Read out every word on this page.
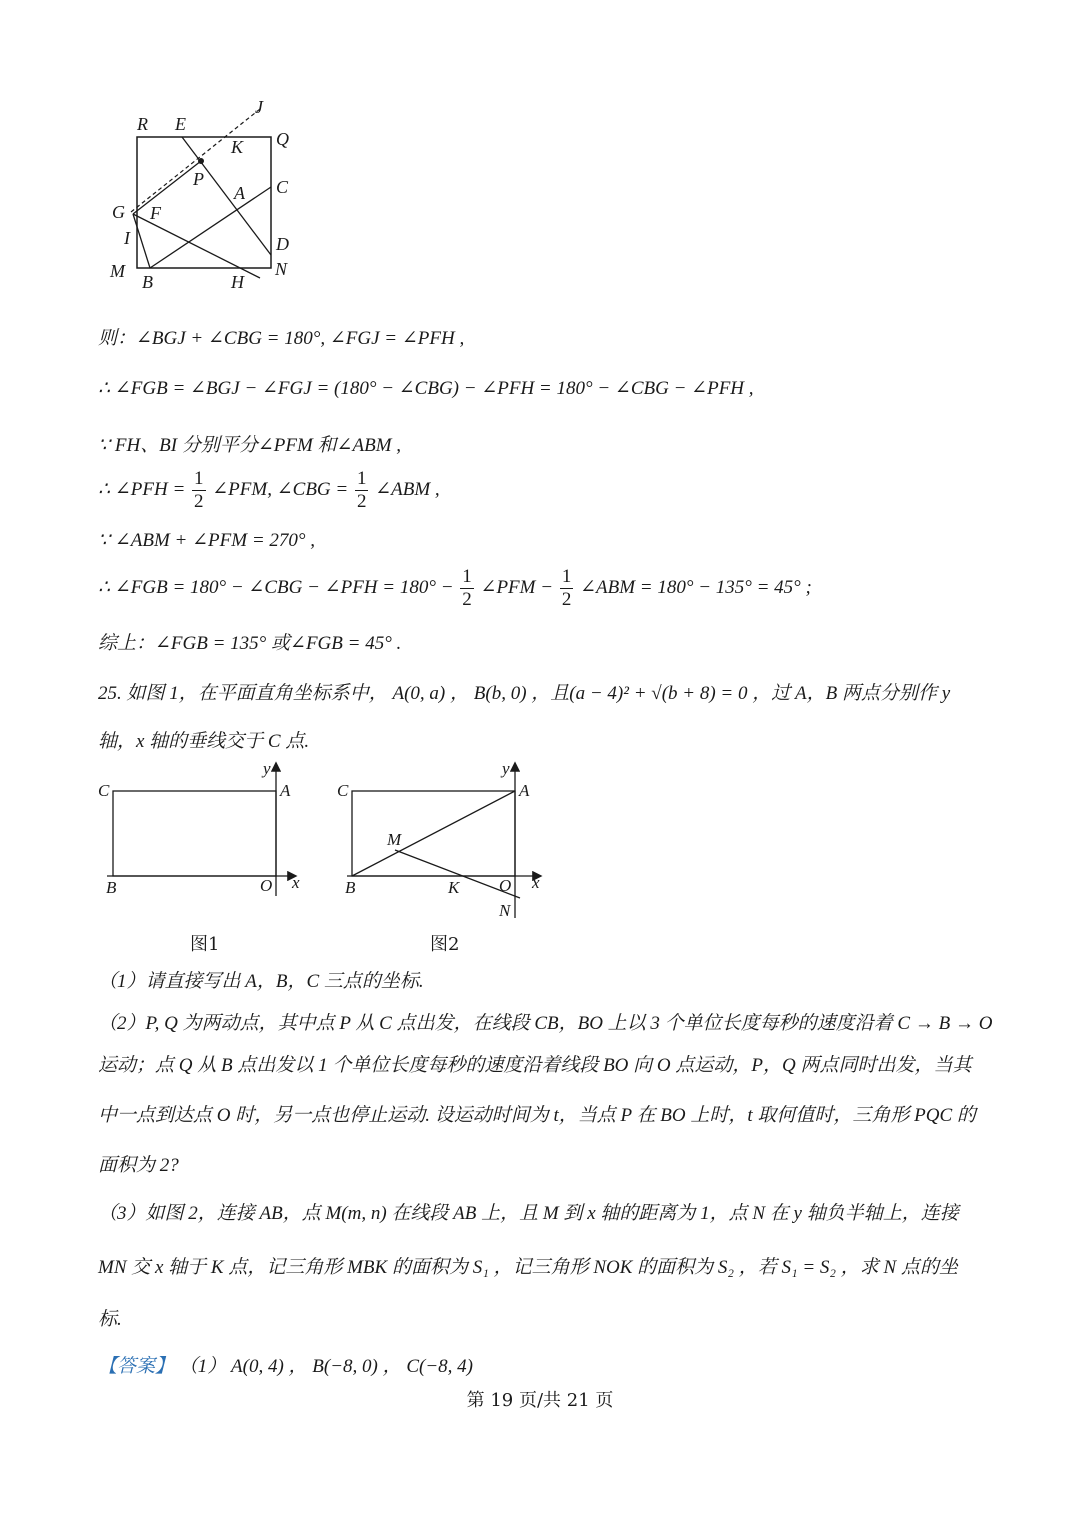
R E
J
Q
K
P	C
A
G F
I	D
M	N
B	H
则：∠BGJ + ∠CBG = 180°, ∠FGJ = ∠PFH ,
∴ ∠FGB = ∠BGJ − ∠FGJ = (180° − ∠CBG) − ∠PFH = 180° − ∠CBG − ∠PFH ,
∵ FH、BI 分别平分∠PFM 和∠ABM ,
∴ ∠PFH = $\frac{1}{2}$ ∠PFM, ∠CBG = $\frac{1}{2}$ ∠ABM ,
∵ ∠ABM + ∠PFM = 270° ,
∴ ∠FGB = 180° − ∠CBG − ∠PFH = $180^\circ - \frac{1}{2}$ ∠PFM − $\frac{1}{2}$ ∠ABM = 180° − 135° = 45° ;
综上：∠FGB = 135° 或∠FGB = 45° .
25. 如图 1，在平面直角坐标系中， A(0, a) ， B(b, 0) ，且(a − 4)² + √(b + 8) = 0 ，过 A，B 两点分别作 y
轴，x 轴的垂线交于 C 点.
C	A
y
B	O x
图1
C	A
y
M
B	K O x
N
图2
（1）请直接写出 A，B，C 三点的坐标.
（2）P, Q 为两动点，其中点 P 从 C 点出发，在线段 CB，BO 上以 3 个单位长度每秒的速度沿着 C → B → O
运动；点 Q 从 B 点出发以 1 个单位长度每秒的速度沿着线段 BO 向 O 点运动，P，Q 两点同时出发，当其
中一点到达点 O 时，另一点也停止运动. 设运动时间为 t，当点 P 在 BO 上时，t 取何值时，三角形 PQC 的
面积为 2?
（3）如图 2，连接 AB，点 M(m, n) 在线段 AB 上，且 M 到 x 轴的距离为 1，点 N 在 y 轴负半轴上，连接
MN 交 x 轴于 K 点，记三角形 MBK 的面积为 S₁ ，记三角形 NOK 的面积为 S₂ ，若 S₁ = S₂ ，求 N 点的坐
标.
【答案】 （1） A(0, 4) ， B(−8, 0) ， C(−8, 4)
第 19 页/共 21 页
